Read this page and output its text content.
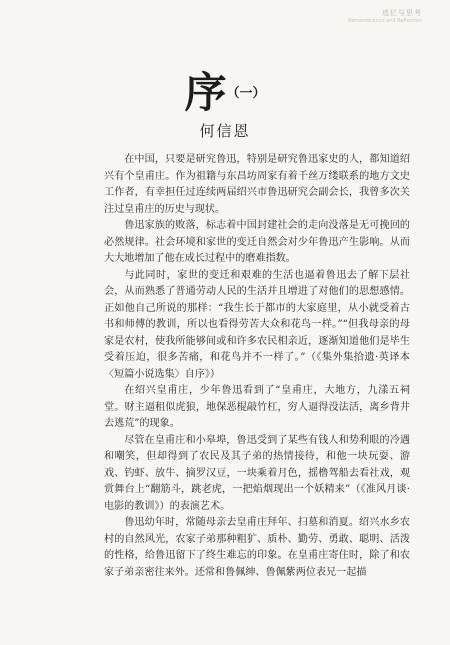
追忆与思考
Remembrance and Reflection
序$^{(一)}$
何信恩

在中国，只要是研究鲁迅，特别是研究鲁迅家史的人，都知道绍兴有个皇甫庄。作为祖籍与东昌坊周家有着千丝万缕联系的地方文史工作者，有幸担任过连续两届绍兴市鲁迅研究会副会长，我曾多次关注过皇甫庄的历史与现状。

鲁迅家族的败落，标志着中国封建社会的走向没落是无可挽回的必然规律。社会环境和家世的变迁自然会对少年鲁迅产生影响。从而大大地增加了他在成长过程中的磨难指数。

与此同时，家世的变迁和艰难的生活也逼着鲁迅去了解下层社会，从而熟悉了普通劳动人民的生活并且增进了对他们的思想感情。正如他自己所说的那样：“我生长于都市的大家庭里，从小就受着古书和师傅的教训，所以也看得劳苦大众和花鸟一样。”“但我母亲的母家是农村，使我所能够间或和许多农民相亲近，逐渐知道他们是毕生受着压迫，很多苦痛，和花鸟并不一样了。”（《集外集拾遗·英译本〈短篇小说选集〉自序》）

在绍兴皇甫庄，少年鲁迅看到了“皇甫庄，大地方，九漾五祠堂。财主逼租似虎狼，地保恶棍敲竹杠，穷人逼得没法活，离乡背井去逃荒”的现象。

尽管在皇甫庄和小皋埠，鲁迅受到了某些有钱人和势利眼的冷遇和嘲笑，但却得到了农民及其子弟的热情接待，和他一块玩耍、游戏、钓虾、放牛、摘罗汉豆，一块乘着月色，摇橹驾船去看社戏，观赏舞台上“翻筋斗，跳老虎，一把焰烟现出一个妖精来”（《准风月谈·电影的教训》）的表演艺术。

鲁迅幼年时，常随母亲去皇甫庄拜年、扫墓和消夏。绍兴水乡农村的自然风光，农家子弟那种粗犷、质朴、勤劳、勇敢、聪明、活泼的性格，给鲁迅留下了终生难忘的印象。在皇甫庄寄住时，除了和农家子弟亲密往来外。还常和鲁佩绅、鲁佩紫两位表兄一起描
